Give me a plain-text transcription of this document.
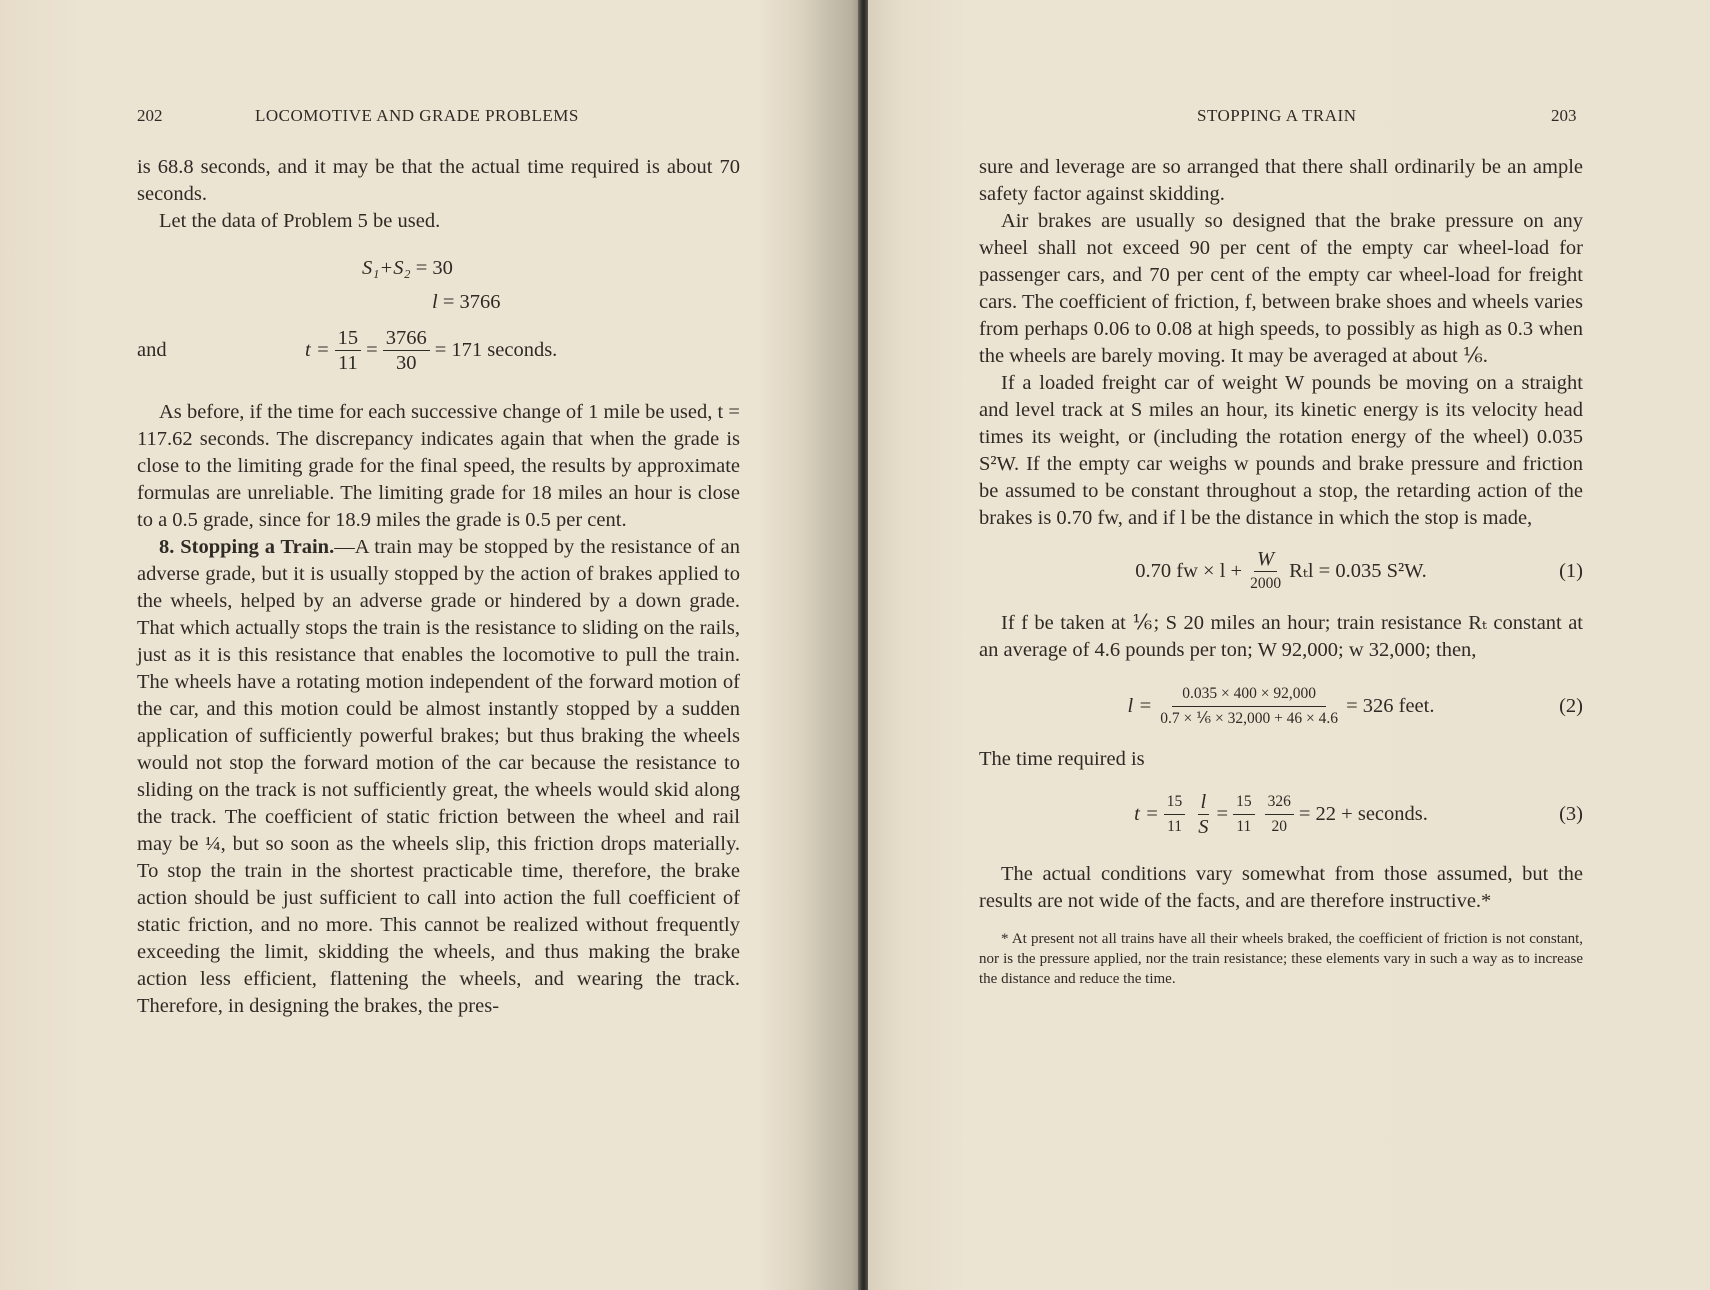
202	LOCOMOTIVE AND GRADE PROBLEMS

is 68.8 seconds, and it may be that the actual time required is about 70 seconds.

Let the data of Problem 5 be used.

S₁+S₂
= 30
l
= 3766
and	$t = \frac{15}{11} = \frac{3766}{30} = 171$ seconds.

As before, if the time for each successive change of 1 mile be used, t = 117.62 seconds. The discrepancy indicates again that when the grade is close to the limiting grade for the final speed, the results by approximate formulas are unreliable. The limiting grade for 18 miles an hour is close to a 0.5 grade, since for 18.9 miles the grade is 0.5 per cent.

8. Stopping a Train.—A train may be stopped by the resistance of an adverse grade, but it is usually stopped by the action of brakes applied to the wheels, helped by an adverse grade or hindered by a down grade. That which actually stops the train is the resistance to sliding on the rails, just as it is this resistance that enables the locomotive to pull the train. The wheels have a rotating motion independent of the forward motion of the car, and this motion could be almost instantly stopped by a sudden application of sufficiently powerful brakes; but thus braking the wheels would not stop the forward motion of the car because the resistance to sliding on the track is not sufficiently great, the wheels would skid along the track. The coefficient of static friction between the wheel and rail may be ¼, but so soon as the wheels slip, this friction drops materially. To stop the train in the shortest practicable time, therefore, the brake action should be just sufficient to call into action the full coefficient of static friction, and no more. This cannot be realized without frequently exceeding the limit, skidding the wheels, and thus making the brake action less efficient, flattening the wheels, and wearing the track. Therefore, in designing the brakes, the pres-

STOPPING A TRAIN	203

sure and leverage are so arranged that there shall ordinarily be an ample safety factor against skidding.

Air brakes are usually so designed that the brake pressure on any wheel shall not exceed 90 per cent of the empty car wheel-load for passenger cars, and 70 per cent of the empty car wheel-load for freight cars. The coefficient of friction, f, between brake shoes and wheels varies from perhaps 0.06 to 0.08 at high speeds, to possibly as high as 0.3 when the wheels are barely moving. It may be averaged at about ⅙.

If a loaded freight car of weight W pounds be moving on a straight and level track at S miles an hour, its kinetic energy is its velocity head times its weight, or (including the rotation energy of the wheel) 0.035 S²W. If the empty car weighs w pounds and brake pressure and friction be assumed to be constant throughout a stop, the retarding action of the brakes is 0.70 fw, and if l be the distance in which the stop is made,

0.70 fw × $l + \frac{W}{2000}$ Rₜl = 0.035 S²W.	(1)

If f be taken at ⅙; S 20 miles an hour; train resistance Rₜ constant at an average of 4.6 pounds per ton; W 92,000; w 32,000; then,

$l = \frac{0.035 \times 400 \times 92,000}{\text{0.7 × ⅙ × 32,000 + 46 × 4.6}} = 326$ feet.	(2)

The time required is

$t = \frac{15}{11} \frac{l}{S} = \frac{15}{11} \frac{326}{20} = 22$ + seconds.	(3)

The actual conditions vary somewhat from those assumed, but the results are not wide of the facts, and are therefore instructive.*

* At present not all trains have all their wheels braked, the coefficient of friction is not constant, nor is the pressure applied, nor the train resistance; these elements vary in such a way as to increase the distance and reduce the time.
